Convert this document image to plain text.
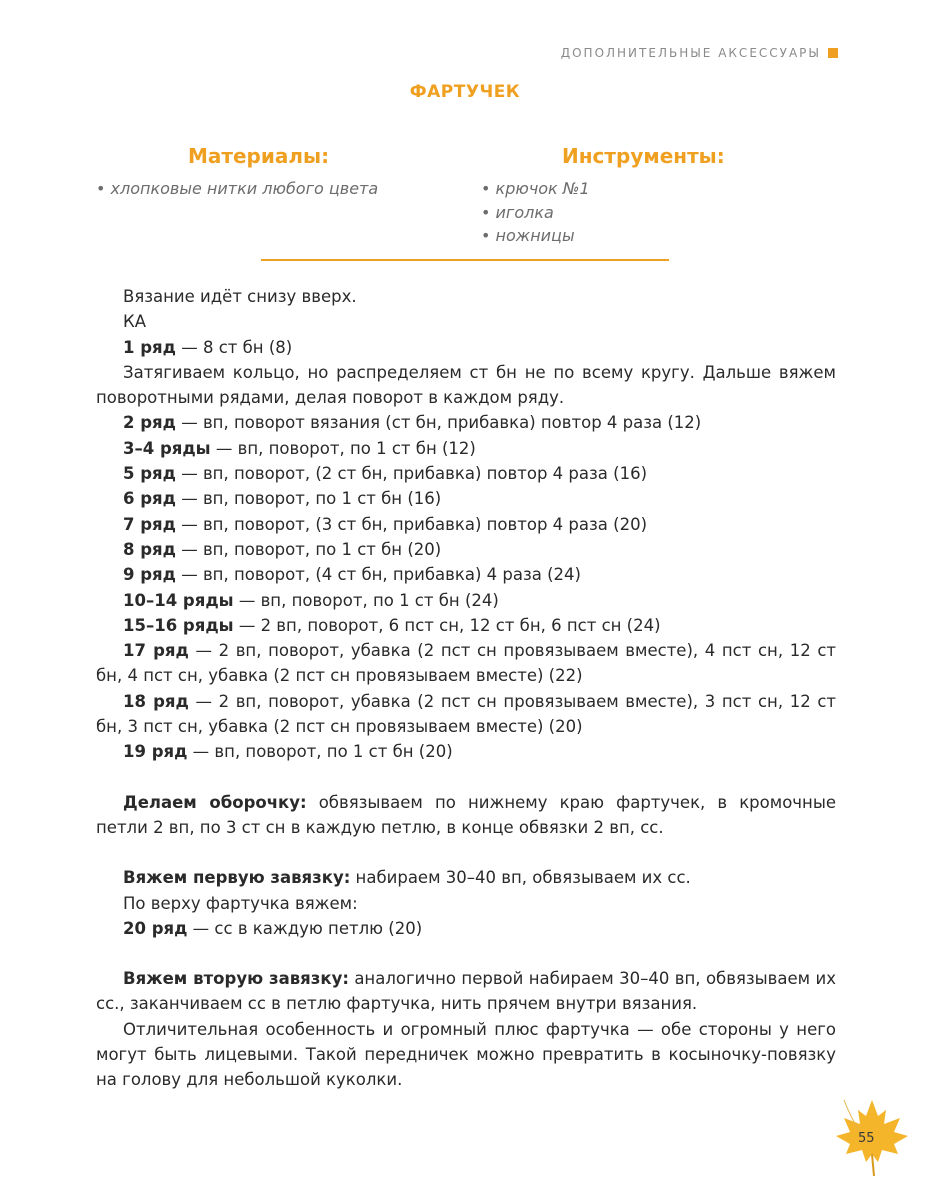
ДОПОЛНИТЕЛЬНЫЕ АКСЕССУАРЫ
ФАРТУЧЕК
Материалы:	Инструменты:
• хлопковые нитки любого цвета	• крючок №1
• иголка
• ножницы

Вязание идёт снизу вверх.

КА

1 ряд — 8 ст бн (8)

Затягиваем кольцо, но распределяем ст бн не по всему кругу. Дальше вяжем поворотными рядами, делая поворот в каждом ряду.

2 ряд — вп, поворот вязания (ст бн, прибавка) повтор 4 раза (12)

3–4 ряды — вп, поворот, по 1 ст бн (12)

5 ряд — вп, поворот, (2 ст бн, прибавка) повтор 4 раза (16)

6 ряд — вп, поворот, по 1 ст бн (16)

7 ряд — вп, поворот, (3 ст бн, прибавка) повтор 4 раза (20)

8 ряд — вп, поворот, по 1 ст бн (20)

9 ряд — вп, поворот, (4 ст бн, прибавка) 4 раза (24)

10–14 ряды — вп, поворот, по 1 ст бн (24)

15–16 ряды — 2 вп, поворот, 6 пст сн, 12 ст бн, 6 пст сн (24)

17 ряд — 2 вп, поворот, убавка (2 пст сн провязываем вместе), 4 пст сн, 12 ст бн, 4 пст сн, убавка (2 пст сн провязываем вместе) (22)

18 ряд — 2 вп, поворот, убавка (2 пст сн провязываем вместе), 3 пст сн, 12 ст бн, 3 пст сн, убавка (2 пст сн провязываем вместе) (20)

19 ряд — вп, поворот, по 1 ст бн (20)

Делаем оборочку: обвязываем по нижнему краю фартучек, в кромочные петли 2 вп, по 3 ст сн в каждую петлю, в конце обвязки 2 вп, сс.

Вяжем первую завязку: набираем 30–40 вп, обвязываем их сс.

По верху фартучка вяжем:

20 ряд — сс в каждую петлю (20)

Вяжем вторую завязку: аналогично первой набираем 30–40 вп, обвязываем их сс., заканчиваем сс в петлю фартучка, нить прячем внутри вязания.

Отличительная особенность и огромный плюс фартучка — обе стороны у него могут быть лицевыми. Такой передничек можно превратить в косыночку-повязку на голову для небольшой куколки.

55
